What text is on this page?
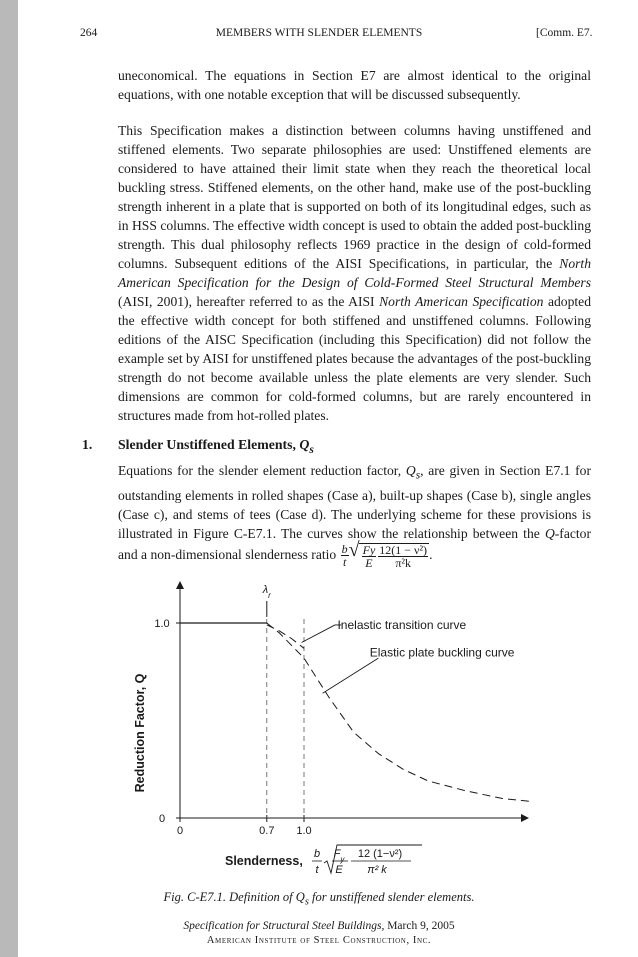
264	MEMBERS WITH SLENDER ELEMENTS	[Comm. E7.

uneconomical. The equations in Section E7 are almost identical to the original equations, with one notable exception that will be discussed subsequently.

This Specification makes a distinction between columns having unstiffened and stiffened elements. Two separate philosophies are used: Unstiffened elements are considered to have attained their limit state when they reach the theoretical local buckling stress. Stiffened elements, on the other hand, make use of the post-buckling strength inherent in a plate that is supported on both of its longitudinal edges, such as in HSS columns. The effective width concept is used to obtain the added post-buckling strength. This dual philosophy reflects 1969 practice in the design of cold-formed columns. Subsequent editions of the AISI Specifications, in particular, the North American Specification for the Design of Cold-Formed Steel Structural Members (AISI, 2001), hereafter referred to as the AISI North American Specification adopted the effective width concept for both stiffened and unstiffened columns. Following editions of the AISC Specification (including this Specification) did not follow the example set by AISI for unstiffened plates because the advantages of the post-buckling strength do not become available unless the plate elements are very slender. Such dimensions are common for cold-formed columns, but are rarely encountered in structures made from hot-rolled plates.

1. Slender Unstiffened Elements, $Q_s$

Equations for the slender element reduction factor, $Q_s$, are given in Section E7.1 for outstanding elements in rolled shapes (Case a), built-up shapes (Case b), single angles (Case c), and stems of tees (Case d). The underlying scheme for these provisions is illustrated in Figure C-E7.1. The curves show the relationship between the Q-factor and a non-dimensional slenderness ratio $\frac{b}{t}$
√ $\frac{Fy}{E} \frac{\text{12(1 − ν²)}}{\text{π²k}}$ .

0
1.0
0	0.7 1.0
$\lambda_r$
Inelastic transition curve
Elastic plate buckling curve
Reduction Factor, Q
Slenderness, b
t
$F_y$
E
12 (1−ν²)
π² k
Fig. C-E7.1. Definition of $Q_s$ for unstiffened slender elements.
Specification for Structural Steel Buildings, March 9, 2005
American Institute of Steel Construction, Inc.
